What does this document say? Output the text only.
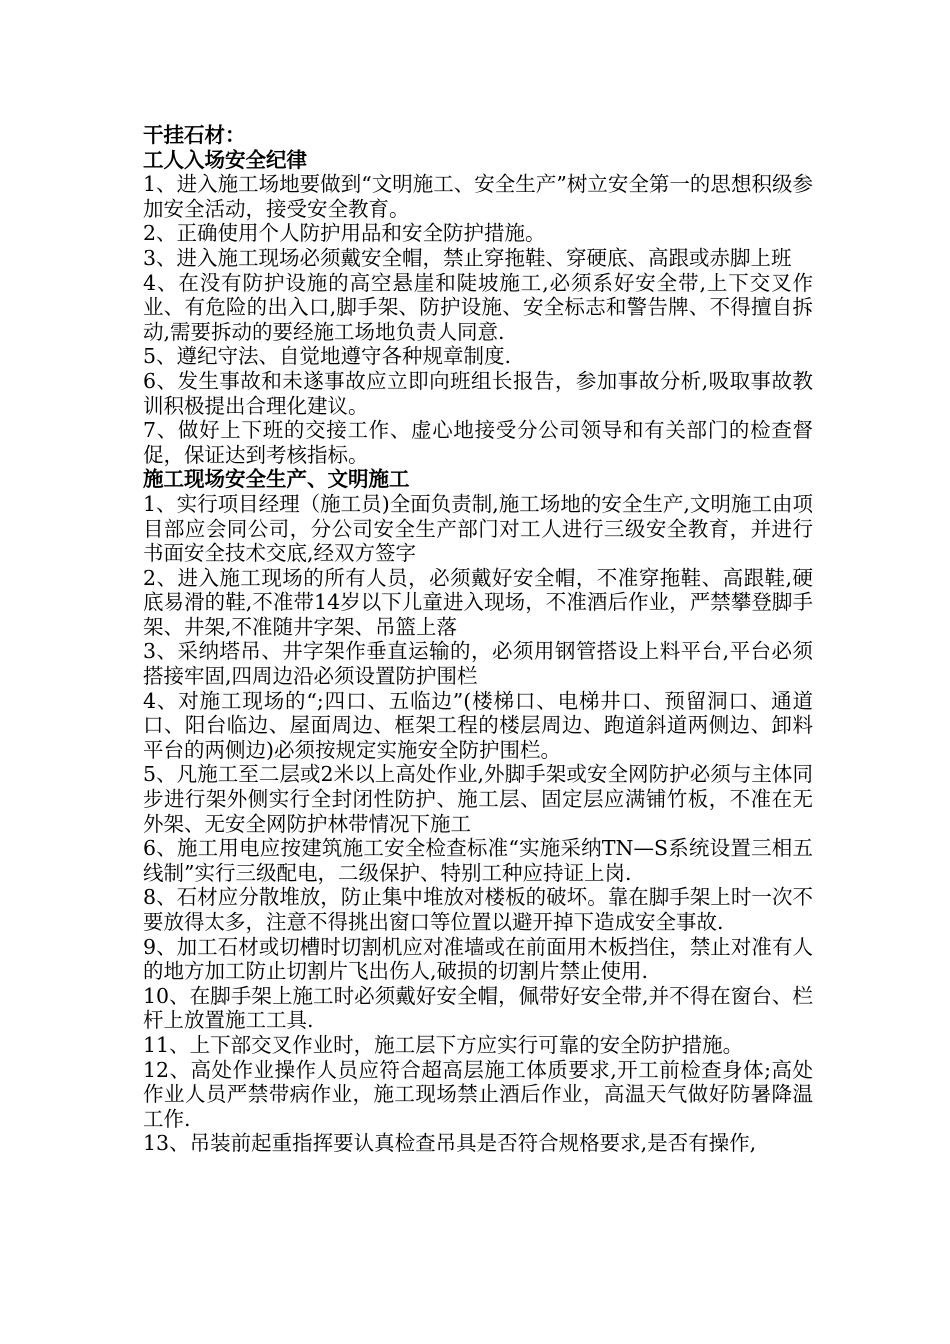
干挂石材：

工人入场安全纪律

1、进入施工场地要做到“文明施工、安全生产”树立安全第一的思想积级参加安全活动，接受安全教育。

2、正确使用个人防护用品和安全防护措施。

3、进入施工现场必须戴安全帽，禁止穿拖鞋、穿硬底、高跟或赤脚上班

4、在没有防护设施的高空悬崖和陡坡施工,必须系好安全带,上下交叉作业、有危险的出入口,脚手架、防护设施、安全标志和警告牌、不得擅自拆动,需要拆动的要经施工场地负责人同意.

5、遵纪守法、自觉地遵守各种规章制度.

6、发生事故和未遂事故应立即向班组长报告，参加事故分析,吸取事故教训积极提出合理化建议。

7、做好上下班的交接工作、虚心地接受分公司领导和有关部门的检查督促，保证达到考核指标。

施工现场安全生产、文明施工

1、实行项目经理（施工员)全面负责制,施工场地的安全生产,文明施工由项目部应会同公司，分公司安全生产部门对工人进行三级安全教育，并进行书面安全技术交底,经双方签字

2、进入施工现场的所有人员，必须戴好安全帽，不准穿拖鞋、高跟鞋,硬底易滑的鞋,不准带14岁以下儿童进入现场，不准酒后作业，严禁攀登脚手架、井架,不准随井字架、吊篮上落

3、采纳塔吊、井字架作垂直运输的，必须用钢管搭设上料平台,平台必须搭接牢固,四周边沿必须设置防护围栏

4、对施工现场的“;四口、五临边”(楼梯口、电梯井口、预留洞口、通道口、阳台临边、屋面周边、框架工程的楼层周边、跑道斜道两侧边、卸料平台的两侧边)必须按规定实施安全防护围栏。

5、凡施工至二层或2米以上高处作业,外脚手架或安全网防护必须与主体同步进行架外侧实行全封闭性防护、施工层、固定层应满铺竹板，不准在无外架、无安全网防护林带情况下施工

6、施工用电应按建筑施工安全检查标准“实施采纳TN—S系统设置三相五线制”实行三级配电，二级保护、特别工种应持证上岗.

8、石材应分散堆放，防止集中堆放对楼板的破坏。靠在脚手架上时一次不要放得太多，注意不得挑出窗口等位置以避开掉下造成安全事故.

9、加工石材或切槽时切割机应对准墙或在前面用木板挡住，禁止对准有人的地方加工防止切割片飞出伤人,破损的切割片禁止使用.

10、在脚手架上施工时必须戴好安全帽，佩带好安全带,并不得在窗台、栏杆上放置施工工具.

11、上下部交叉作业时，施工层下方应实行可靠的安全防护措施。

12、高处作业操作人员应符合超高层施工体质要求,开工前检查身体;高处作业人员严禁带病作业，施工现场禁止酒后作业，高温天气做好防暑降温工作.

13、吊装前起重指挥要认真检查吊具是否符合规格要求,是否有操作,
